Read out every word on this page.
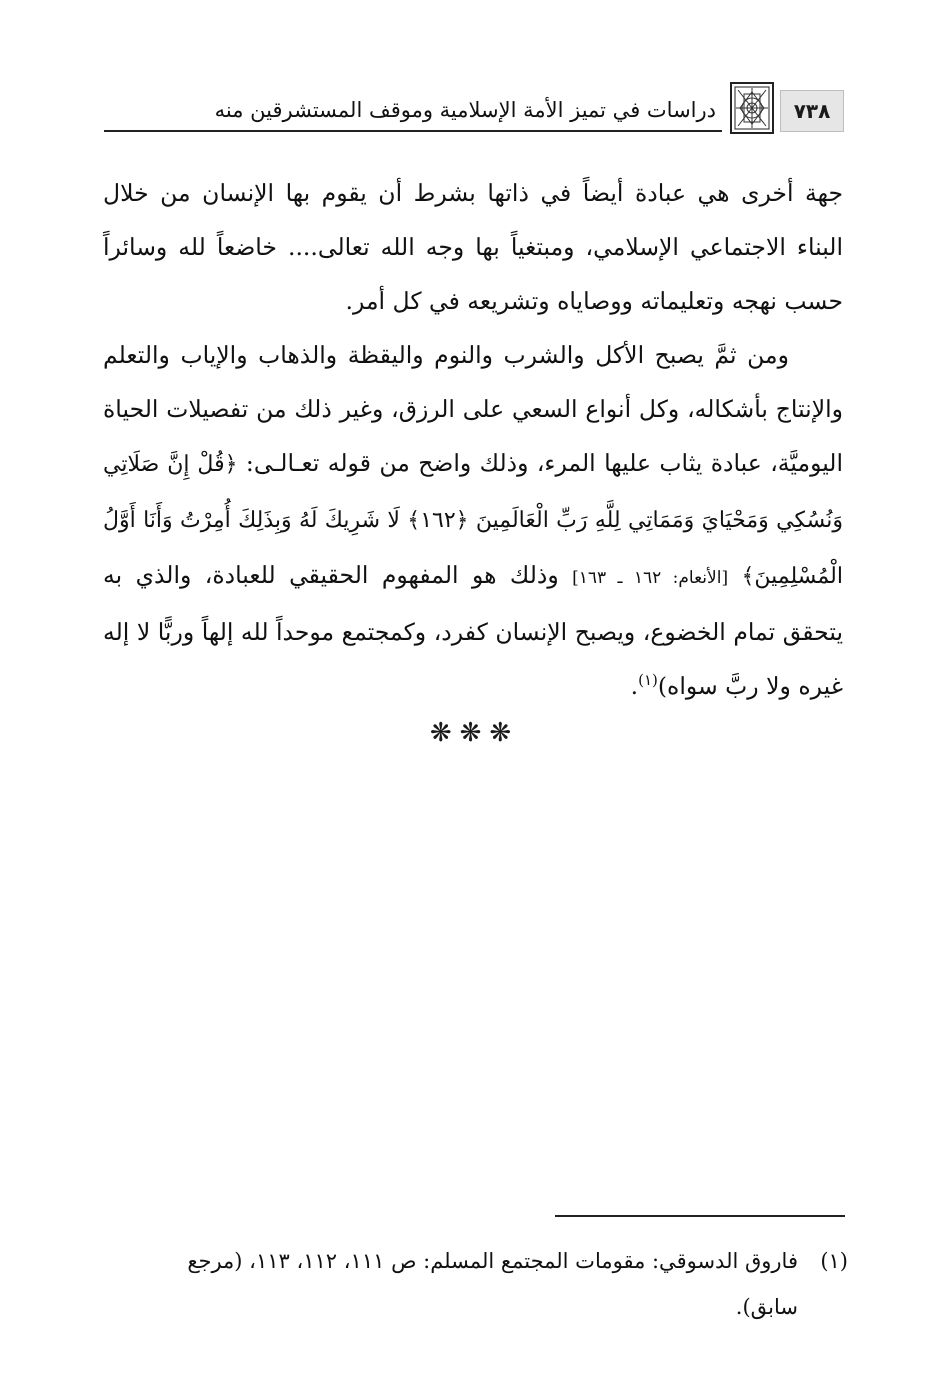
٧٣٨
دراسات في تميز الأمة الإسلامية وموقف المستشرقين منه

جهة أخرى هي عبادة أيضاً في ذاتها بشرط أن يقوم بها الإنسان من خلال البناء الاجتماعي الإسلامي، ومبتغياً بها وجه الله تعالى.... خاضعاً لله وسائراً حسب نهجه وتعليماته ووصاياه وتشريعه في كل أمر.

ومن ثمَّ يصبح الأكل والشرب والنوم واليقظة والذهاب والإياب والتعلم والإنتاج بأشكاله، وكل أنواع السعي على الرزق، وغير ذلك من تفصيلات الحياة اليوميَّة، عبادة يثاب عليها المرء، وذلك واضح من قوله تعـالـى: ﴿قُلْ إِنَّ صَلَاتِي وَنُسُكِي وَمَحْيَايَ وَمَمَاتِي لِلَّهِ رَبِّ الْعَالَمِينَ ﴿١٦٢﴾ لَا شَرِيكَ لَهُ وَبِذَلِكَ أُمِرْتُ وَأَنَا أَوَّلُ الْمُسْلِمِينَ﴾ [الأنعام: ١٦٢ ـ ١٦٣] وذلك هو المفهوم الحقيقي للعبادة، والذي به يتحقق تمام الخضوع، ويصبح الإنسان كفرد، وكمجتمع موحداً لله إلهاً وربًّا لا إله غيره ولا ربَّ سواه)$^{(١)}$.

❋❋❋
(١)فاروق الدسوقي: مقومات المجتمع المسلم: ص ١١١، ١١٢، ١١٣، (مرجع
سابق).
